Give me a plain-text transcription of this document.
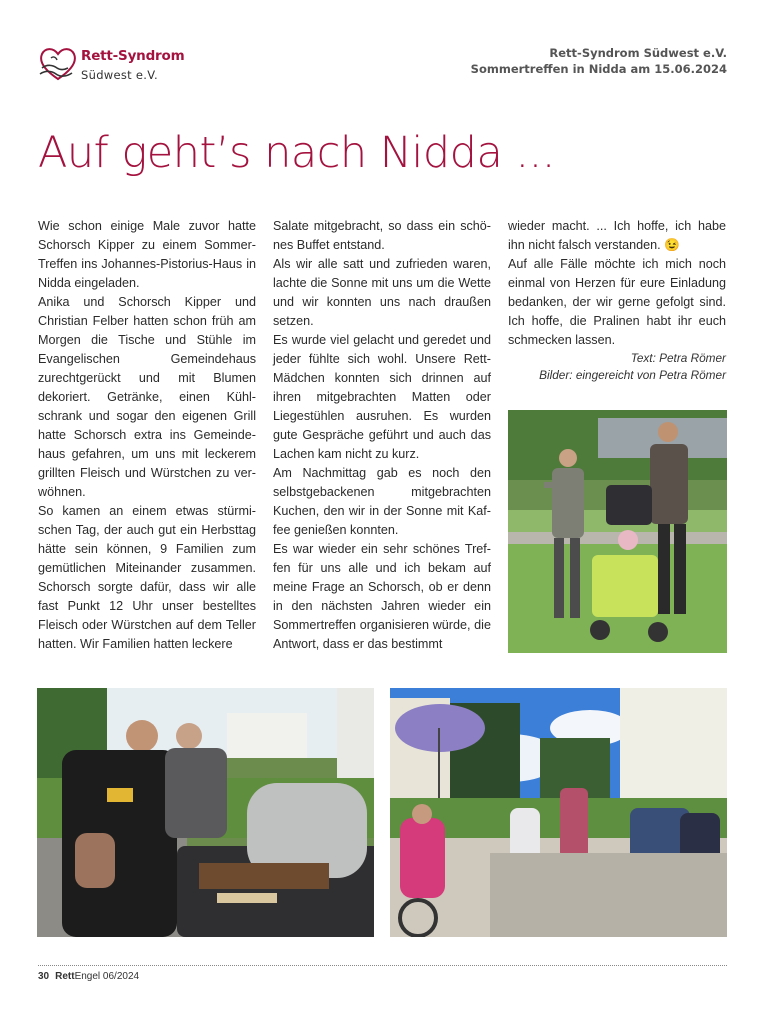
Rett-Syndrom
Südwest e.V.
Rett-Syndrom Südwest e.V.
Sommertreffen in Nidda am 15.06.2024
Auf geht’s nach Nidda ...

Wie schon einige Male zuvor hatte Schorsch Kipper zu einem Sommer-Treffen ins Johannes-Pistorius-Haus in Nidda eingeladen.

Anika und Schorsch Kipper und Christian Felber hatten schon früh am Morgen die Tische und Stühle im Evangelischen Gemeindehaus zurechtgerückt und mit Blumen dekoriert. Getränke, einen Kühlschrank und sogar den eigenen Grill hatte Schorsch extra ins Gemeindehaus gefahren, um uns mit leckerem grillten Fleisch und Würstchen zu verwöhnen.

So kamen an einem etwas stürmischen Tag, der auch gut ein Herbsttag hätte sein können, 9 Familien zum gemütlichen Miteinander zusammen. Schorsch sorgte dafür, dass wir alle fast Punkt 12 Uhr unser bestelltes Fleisch oder Würstchen auf dem Teller hatten. Wir Familien hatten leckere

Salate mitgebracht, so dass ein schönes Buffet entstand.

Als wir alle satt und zufrieden waren, lachte die Sonne mit uns um die Wette und wir konnten uns nach draußen setzen.

Es wurde viel gelacht und geredet und jeder fühlte sich wohl. Unsere Rett-Mädchen konnten sich drinnen auf ihren mitgebrachten Matten oder Liegestühlen ausruhen. Es wurden gute Gespräche geführt und auch das Lachen kam nicht zu kurz.

Am Nachmittag gab es noch den selbstgebackenen mitgebrachten Kuchen, den wir in der Sonne mit Kaffee genießen konnten.

Es war wieder ein sehr schönes Treffen für uns alle und ich bekam auf meine Frage an Schorsch, ob er denn in den nächsten Jahren wieder ein Sommertreffen organisieren würde, die Antwort, dass er das bestimmt

wieder macht. ... Ich hoffe, ich habe ihn nicht falsch verstanden. 😉

Auf alle Fälle möchte ich mich noch einmal von Herzen für eure Einladung bedanken, der wir gerne gefolgt sind. Ich hoffe, die Pralinen habt ihr euch schmecken lassen.

Text: Petra Römer

Bilder: eingereicht von Petra Römer

30 RettEngel 06/2024
